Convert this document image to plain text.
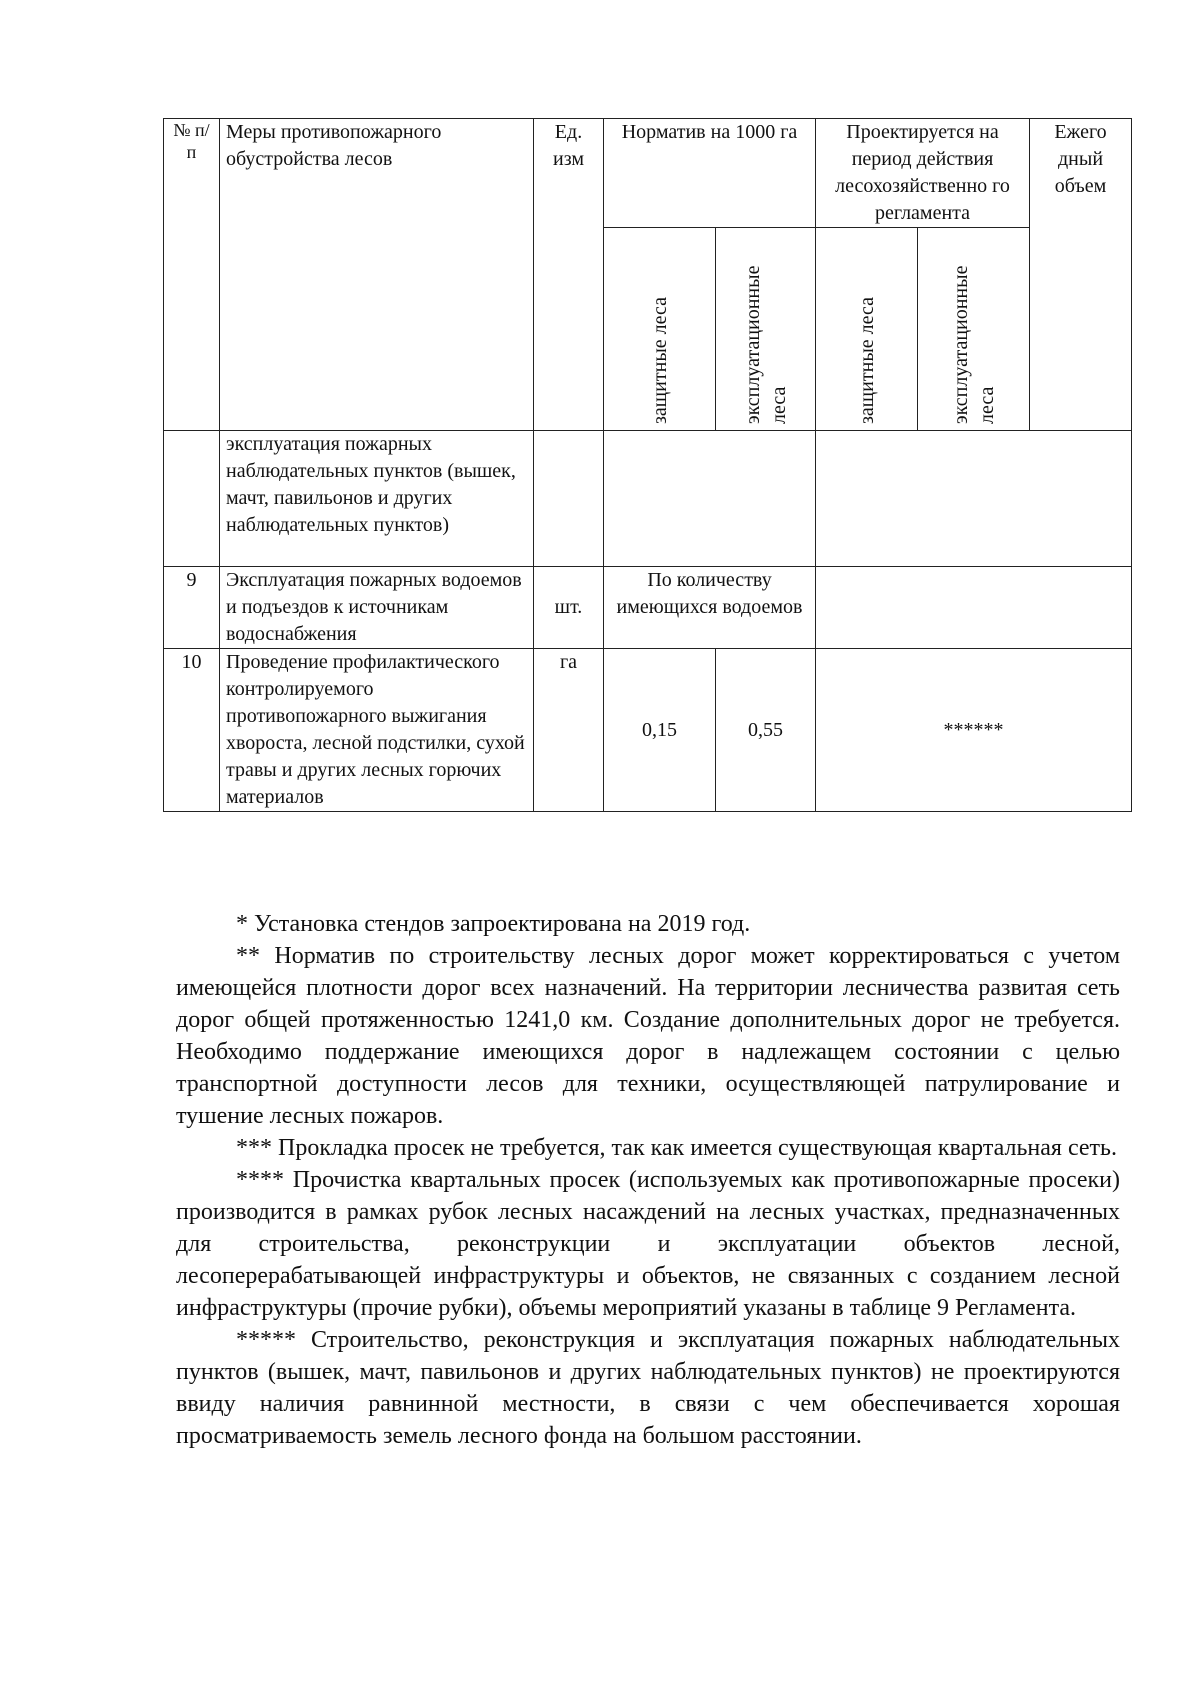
№ п/п	Меры противопожарного обустройства лесов	Ед. изм	Норматив на 1000 га		Проектируется на период действия лесохозяйственно го регламента		Ежего дный объем

			защитные леса	эксплуатационные леса	защитные леса	эксплуатационные леса	

	эксплуатация пожарных наблюдательных пунктов (вышек, мачт, павильонов и других наблюдательных пунктов)						
9	Эксплуатация пожарных водоемов и подъездов к источникам водоснабжения	шт.	По количеству имеющихся водоемов				
10	Проведение профилактического контролируемого противопожарного выжигания хвороста, лесной подстилки, сухой травы и других лесных горючих материалов	га	0,15	0,55	******		

* Установка стендов запроектирована на 2019 год.

** Норматив по строительству лесных дорог может корректироваться с учетом имеющейся плотности дорог всех назначений. На территории лесничества развитая сеть дорог общей протяженностью 1241,0 км. Создание дополнительных дорог не требуется. Необходимо поддержание имеющихся дорог в надлежащем состоянии с целью транспортной доступности лесов для техники, осуществляющей патрулирование и тушение лесных пожаров.

*** Прокладка просек не требуется, так как имеется существующая квартальная сеть.

**** Прочистка квартальных просек (используемых как противопожарные просеки) производится в рамках рубок лесных насаждений на лесных участках, предназначенных для строительства, реконструкции и эксплуатации объектов лесной, лесоперерабатывающей инфраструктуры и объектов, не связанных с созданием лесной инфраструктуры (прочие рубки), объемы мероприятий указаны в таблице 9 Регламента.

***** Строительство, реконструкция и эксплуатация пожарных наблюдательных пунктов (вышек, мачт, павильонов и других наблюдательных пунктов) не проектируются ввиду наличия равнинной местности, в связи с чем обеспечивается хорошая просматриваемость земель лесного фонда на большом расстоянии.
